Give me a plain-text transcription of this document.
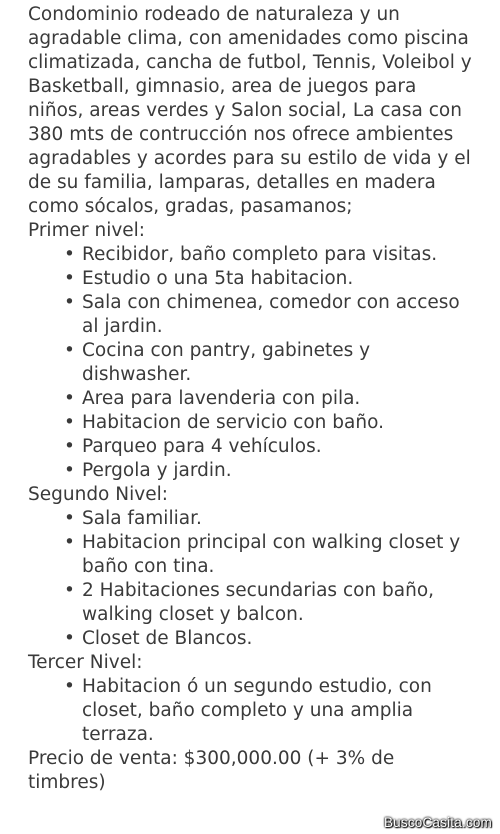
Condominio rodeado de naturaleza y un agradable clima, con amenidades como piscina climatizada, cancha de futbol, Tennis, Voleibol y Basketball, gimnasio, area de juegos para niños, areas verdes y Salon social, La casa con 380 mts de contrucción nos ofrece ambientes agradables y acordes para su estilo de vida y el de su familia, lamparas, detalles en madera como sócalos, gradas, pasamanos;

Primer nivel:

• Recibidor, baño completo para visitas.
• Estudio o una 5ta habitacion.
• Sala con chimenea, comedor con acceso al jardin.
• Cocina con pantry, gabinetes y dishwasher.
• Area para lavenderia con pila.
• Habitacion de servicio con baño.
• Parqueo para 4 vehículos.
• Pergola y jardin.

Segundo Nivel:

• Sala familiar.
• Habitacion principal con walking closet y baño con tina.
• 2 Habitaciones secundarias con baño, walking closet y balcon.
• Closet de Blancos.

Tercer Nivel:

• Habitacion ó un segundo estudio, con closet, baño completo y una amplia terraza.

Precio de venta: $300,000.00 (+ 3% de timbres)

BuscoCasita.com
